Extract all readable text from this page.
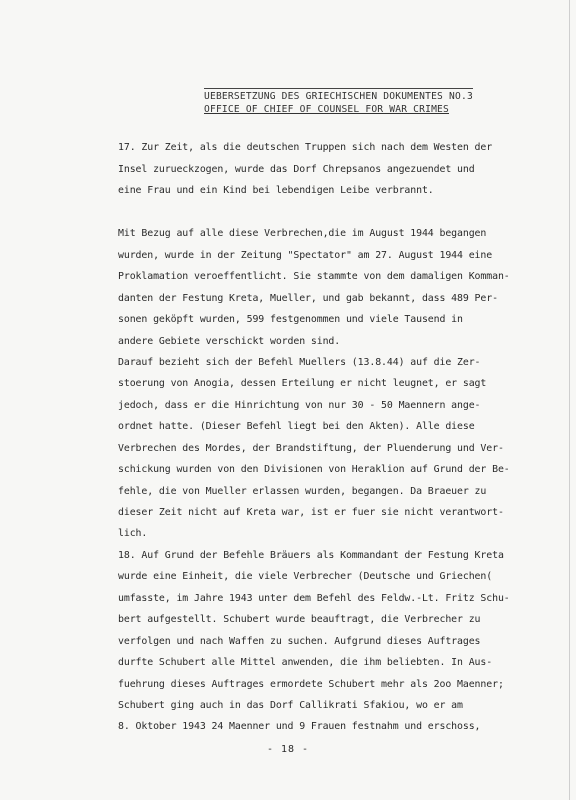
UEBERSETZUNG DES GRIECHISCHEN DOKUMENTES NO.3
OFFICE OF CHIEF OF COUNSEL FOR WAR CRIMES
17. Zur Zeit, als die deutschen Truppen sich nach dem Westen der
Insel zurueckzogen, wurde das Dorf Chrepsanos angezuendet und
eine Frau und ein Kind bei lebendigen Leibe verbrannt.
Mit Bezug auf alle diese Verbrechen,die im August 1944 begangen
wurden, wurde in der Zeitung "Spectator" am 27. August 1944 eine
Proklamation veroeffentlicht. Sie stammte von dem damaligen Komman-
danten der Festung Kreta, Mueller, und gab bekannt, dass 489 Per-
sonen geköpft wurden, 599 festgenommen und viele Tausend in
andere Gebiete verschickt worden sind.
Darauf bezieht sich der Befehl Muellers (13.8.44) auf die Zer-
stoerung von Anogia, dessen Erteilung er nicht leugnet, er sagt
jedoch, dass er die Hinrichtung von nur 30 - 50 Maennern ange-
ordnet hatte. (Dieser Befehl liegt bei den Akten). Alle diese
Verbrechen des Mordes, der Brandstiftung, der Pluenderung und Ver-
schickung wurden von den Divisionen von Heraklion auf Grund der Be-
fehle, die von Mueller erlassen wurden, begangen. Da Braeuer zu
dieser Zeit nicht auf Kreta war, ist er fuer sie nicht verantwort-
lich.
18. Auf Grund der Befehle Bräuers als Kommandant der Festung Kreta
wurde eine Einheit, die viele Verbrecher (Deutsche und Griechen(
umfasste, im Jahre 1943 unter dem Befehl des Feldw.-Lt. Fritz Schu-
bert aufgestellt. Schubert wurde beauftragt, die Verbrecher zu
verfolgen und nach Waffen zu suchen. Aufgrund dieses Auftrages
durfte Schubert alle Mittel anwenden, die ihm beliebten. In Aus-
fuehrung dieses Auftrages ermordete Schubert mehr als 2oo Maenner;
Schubert ging auch in das Dorf Callikrati Sfakiou, wo er am
8. Oktober 1943 24 Maenner und 9 Frauen festnahm und erschoss,
- 18 -
